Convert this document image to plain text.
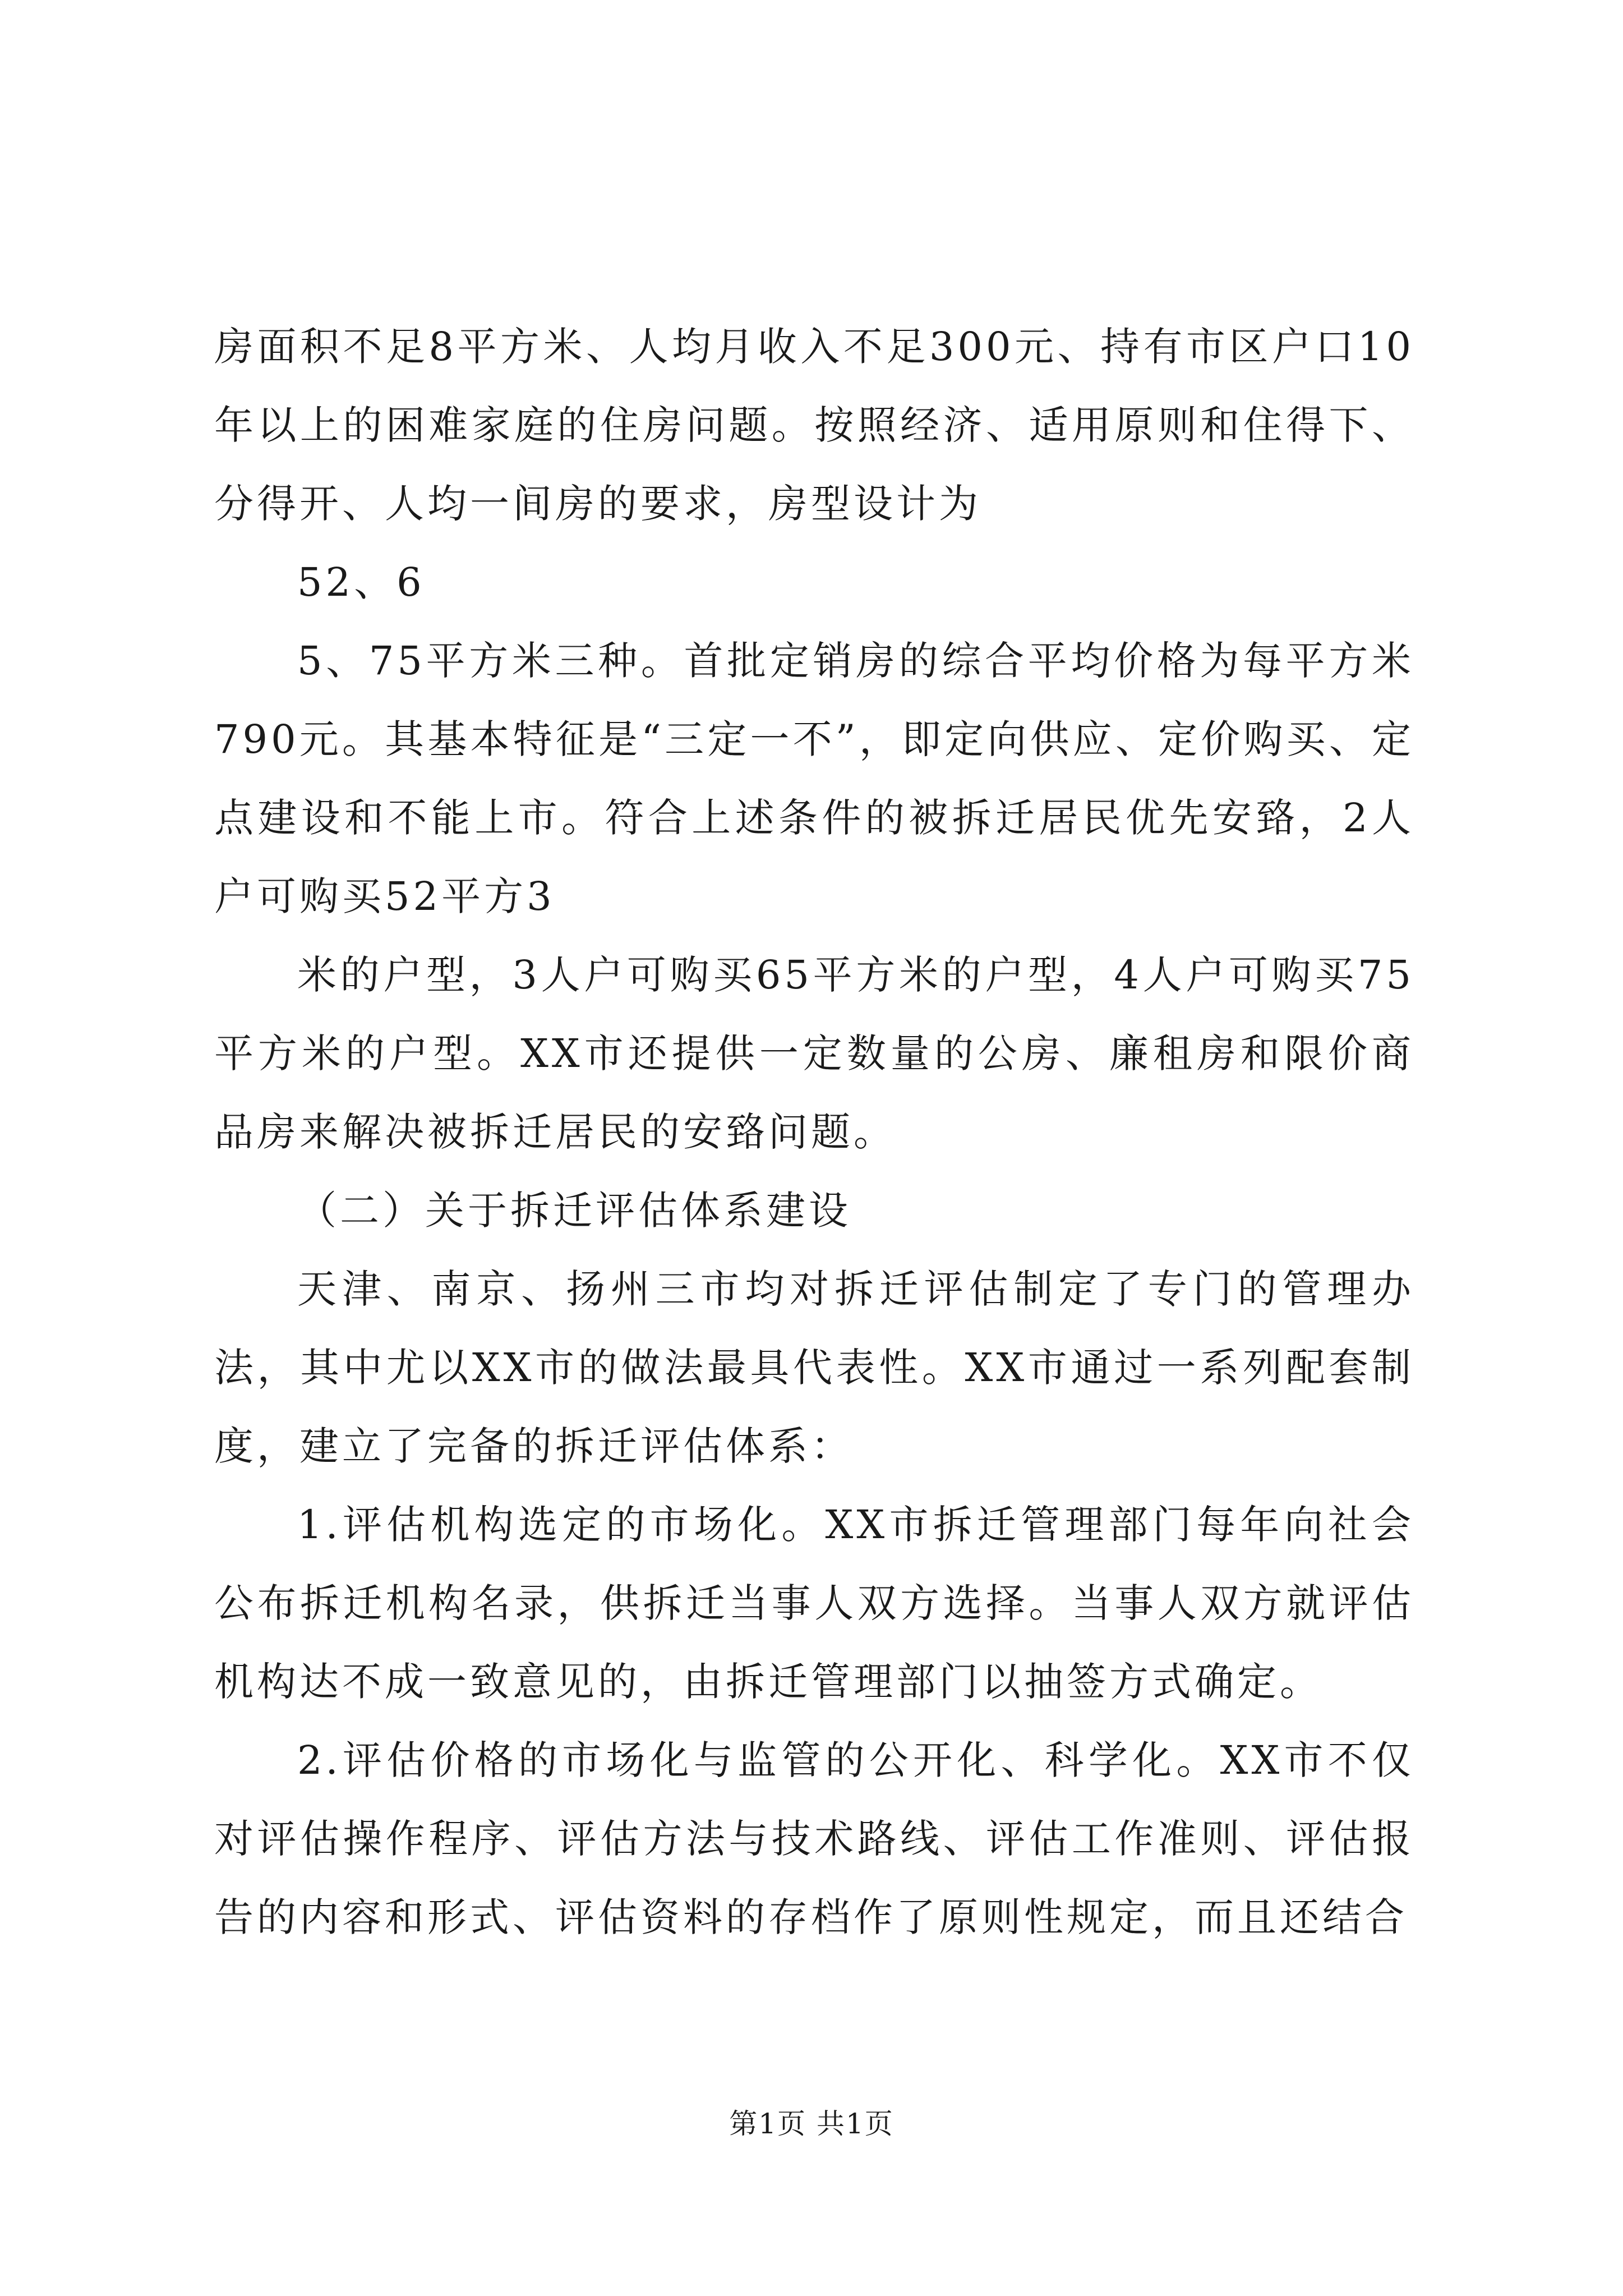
房面积不足8平方米、人均月收入不足300元、持有市区户口10年以上的困难家庭的住房问题。按照经济、适用原则和住得下、分得开、人均一间房的要求，房型设计为

52、6

5、75平方米三种。首批定销房的综合平均价格为每平方米790元。其基本特征是“三定一不”，即定向供应、定价购买、定点建设和不能上市。符合上述条件的被拆迁居民优先安臵，2人户可购买52平方3

米的户型，3人户可购买65平方米的户型，4人户可购买75平方米的户型。XX市还提供一定数量的公房、廉租房和限价商品房来解决被拆迁居民的安臵问题。

（二）关于拆迁评估体系建设

天津、南京、扬州三市均对拆迁评估制定了专门的管理办法，其中尤以XX市的做法最具代表性。XX市通过一系列配套制度，建立了完备的拆迁评估体系：

1.评估机构选定的市场化。XX市拆迁管理部门每年向社会公布拆迁机构名录，供拆迁当事人双方选择。当事人双方就评估机构达不成一致意见的，由拆迁管理部门以抽签方式确定。

2.评估价格的市场化与监管的公开化、科学化。XX市不仅对评估操作程序、评估方法与技术路线、评估工作准则、评估报告的内容和形式、评估资料的存档作了原则性规定，而且还结合

第1页 共1页
